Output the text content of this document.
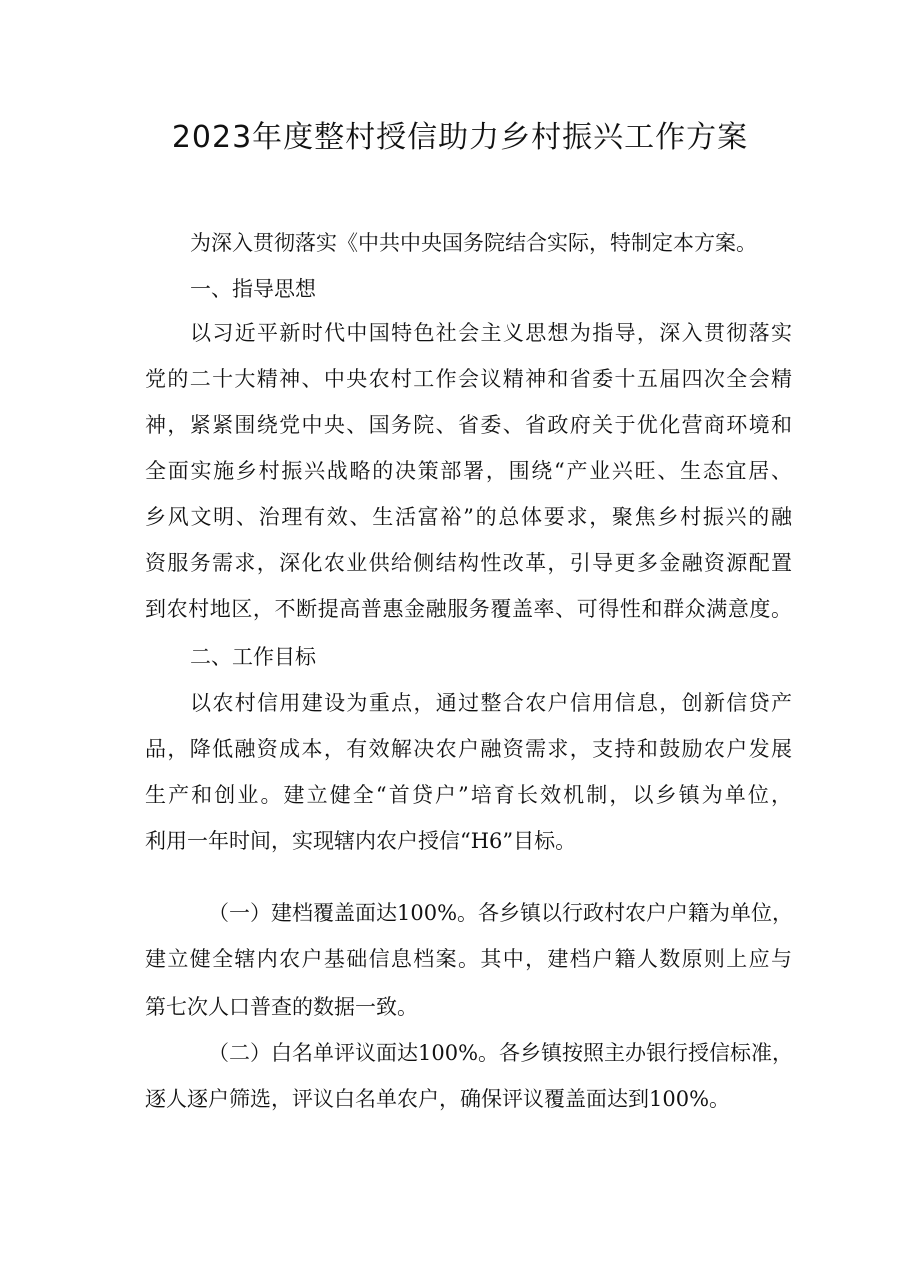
2023年度整村授信助力乡村振兴工作方案
为深入贯彻落实《中共中央国务院结合实际，特制定本方案。
一、指导思想
以习近平新时代中国特色社会主义思想为指导，深入贯彻落实
党的二十大精神、中央农村工作会议精神和省委十五届四次全会精
神，紧紧围绕党中央、国务院、省委、省政府关于优化营商环境和
全面实施乡村振兴战略的决策部署，围绕“产业兴旺、生态宜居、
乡风文明、治理有效、生活富裕”的总体要求，聚焦乡村振兴的融
资服务需求，深化农业供给侧结构性改革，引导更多金融资源配置
到农村地区，不断提高普惠金融服务覆盖率、可得性和群众满意度。
二、工作目标
以农村信用建设为重点，通过整合农户信用信息，创新信贷产
品，降低融资成本，有效解决农户融资需求，支持和鼓励农户发展
生产和创业。建立健全“首贷户”培育长效机制，以乡镇为单位，
利用一年时间，实现辖内农户授信“H6”目标。
（一）建档覆盖面达100%。各乡镇以行政村农户户籍为单位，
建立健全辖内农户基础信息档案。其中，建档户籍人数原则上应与
第七次人口普查的数据一致。
（二）白名单评议面达100%。各乡镇按照主办银行授信标准，
逐人逐户筛选，评议白名单农户，确保评议覆盖面达到100%。
